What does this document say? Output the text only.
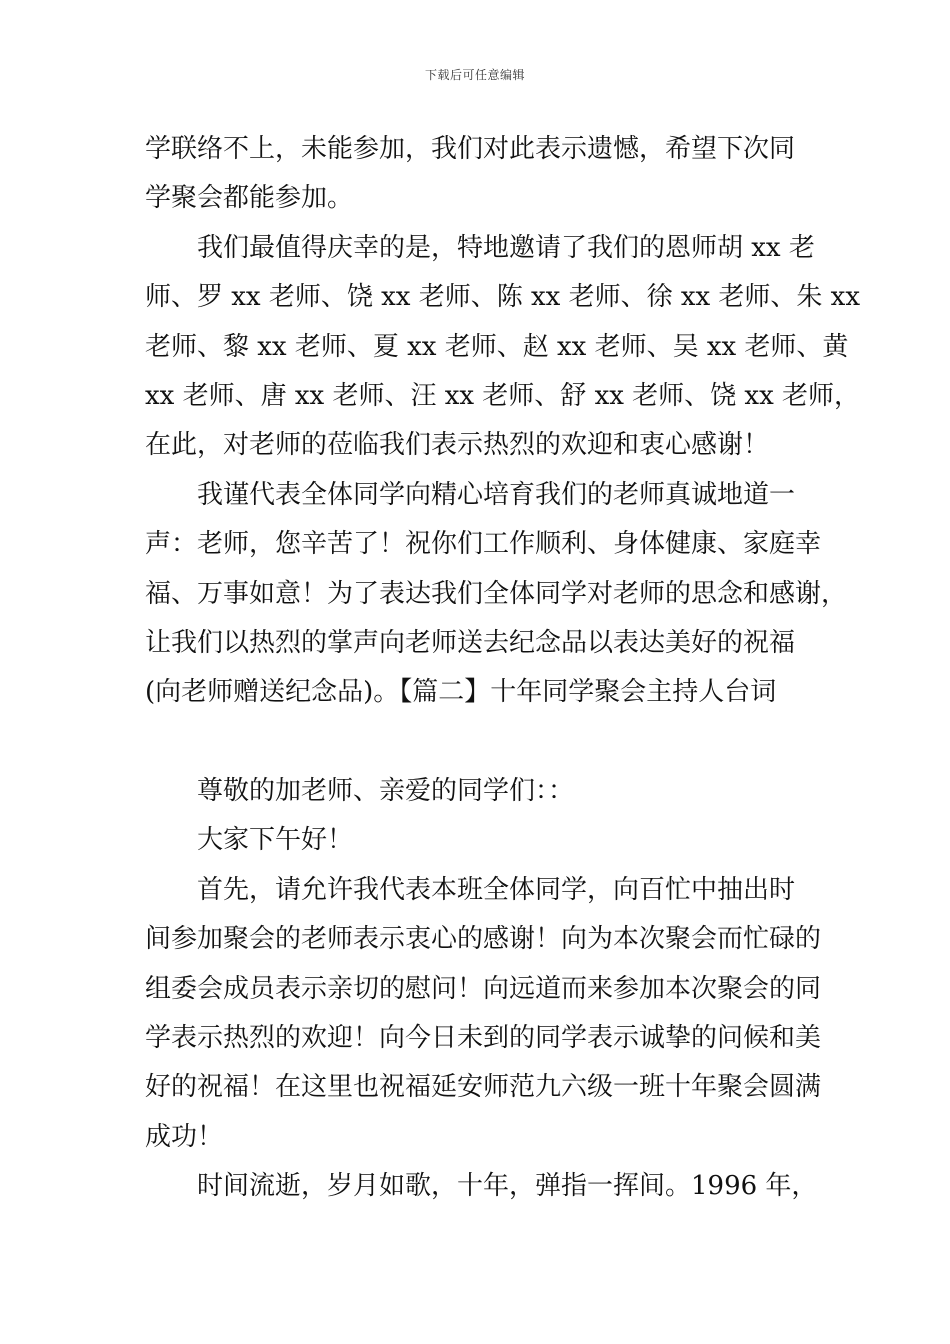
下载后可任意编辑
学联络不上，未能参加，我们对此表示遗憾，希望下次同
学聚会都能参加。
我们最值得庆幸的是，特地邀请了我们的恩师胡 xx 老
师、罗 xx 老师、饶 xx 老师、陈 xx 老师、徐 xx 老师、朱 xx
老师、黎 xx 老师、夏 xx 老师、赵 xx 老师、吴 xx 老师、黄
xx 老师、唐 xx 老师、汪 xx 老师、舒 xx 老师、饶 xx 老师，
在此，对老师的莅临我们表示热烈的欢迎和衷心感谢！
我谨代表全体同学向精心培育我们的老师真诚地道一
声：老师，您辛苦了！祝你们工作顺利、身体健康、家庭幸
福、万事如意！为了表达我们全体同学对老师的思念和感谢，
让我们以热烈的掌声向老师送去纪念品以表达美好的祝福
(向老师赠送纪念品)。【篇二】十年同学聚会主持人台词
尊敬的加老师、亲爱的同学们：：
大家下午好！
首先，请允许我代表本班全体同学，向百忙中抽出时
间参加聚会的老师表示衷心的感谢！向为本次聚会而忙碌的
组委会成员表示亲切的慰问！向远道而来参加本次聚会的同
学表示热烈的欢迎！向今日未到的同学表示诚挚的问候和美
好的祝福！在这里也祝福延安师范九六级一班十年聚会圆满
成功！
时间流逝，岁月如歌，十年，弹指一挥间。1996 年，
